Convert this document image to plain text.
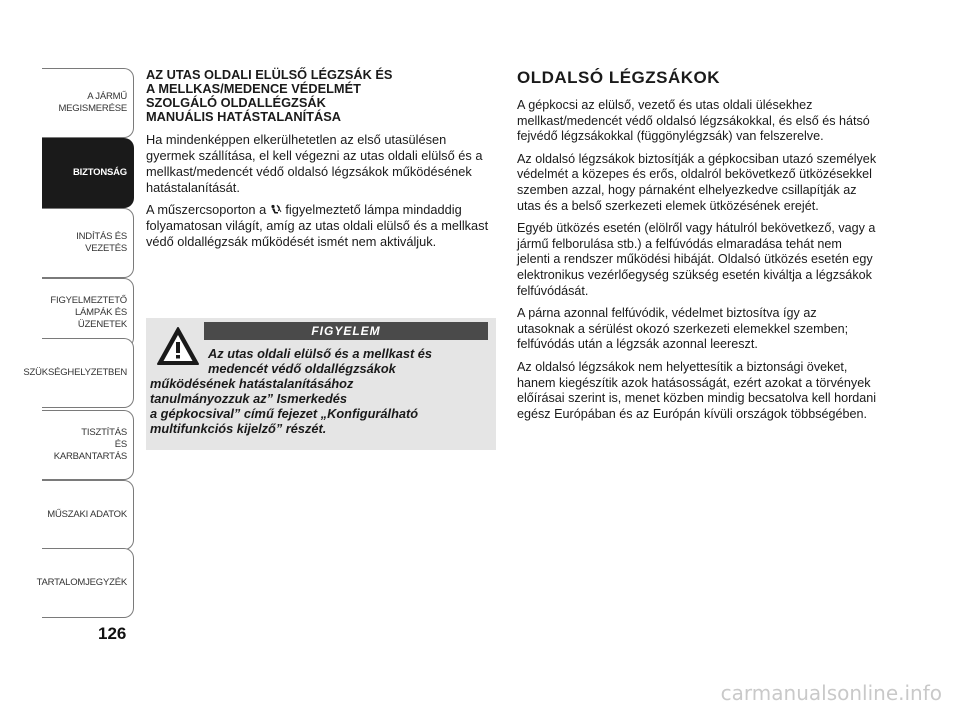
A JÁRMŰ
MEGISMERÉSE
BIZTONSÁG
INDÍTÁS ÉS VEZETÉS
FIGYELMEZTETŐ
LÁMPÁK ÉS
ÜZENETEK
SZÜKSÉGHELYZETBEN
TISZTÍTÁS
ÉS KARBANTARTÁS
MŰSZAKI ADATOK
TARTALOMJEGYZÉK
126
AZ UTAS OLDALI ELÜLSŐ LÉGZSÁK ÉS
A MELLKAS/MEDENCE VÉDELMÉT
SZOLGÁLÓ OLDALLÉGZSÁK
MANUÁLIS HATÁSTALANÍTÁSA

Ha mindenképpen elkerülhetetlen az első utasülésen gyermek szállítása, el kell végezni az utas oldali elülső és a mellkast/medencét védő oldalsó légzsákok működésének hatástalanítását.

A műszercsoporton a  figyelmeztető lámpa mindaddig folyamatosan világít, amíg az utas oldali elülső és a mellkast védő oldallégzsák működését ismét nem aktiváljuk.

FIGYELEM
Az utas oldali elülső és a mellkast és
medencét védő oldallégzsákok
működésének hatástalanításához
tanulmányozzuk az” Ismerkedés
a gépkocsival” című fejezet „Konfigurálható
multifunkciós kijelző” részét.
OLDALSÓ LÉGZSÁKOK

A gépkocsi az elülső, vezető és utas oldali ülésekhez mellkast/medencét védő oldalsó légzsákokkal, és első és hátsó fejvédő légzsákokkal (függönylégzsák) van felszerelve.

Az oldalsó légzsákok biztosítják a gépkocsiban utazó személyek védelmét a közepes és erős, oldalról bekövetkező ütközésekkel szemben azzal, hogy párnaként elhelyezkedve csillapítják az utas és a belső szerkezeti elemek ütközésének erejét.

Egyéb ütközés esetén (elölről vagy hátulról bekövetkező, vagy a jármű felborulása stb.) a felfúvódás elmaradása tehát nem jelenti a rendszer működési hibáját. Oldalsó ütközés esetén egy elektronikus vezérlőegység szükség esetén kiváltja a légzsákok felfúvódását.

A párna azonnal felfúvódik, védelmet biztosítva így az utasoknak a sérülést okozó szerkezeti elemekkel szemben; felfúvódás után a légzsák azonnal leereszt.

Az oldalsó légzsákok nem helyettesítik a biztonsági öveket, hanem kiegészítik azok hatásosságát, ezért azokat a törvények előírásai szerint is, menet közben mindig becsatolva kell hordani egész Európában és az Európán kívüli országok többségében.

carmanualsonline.info
